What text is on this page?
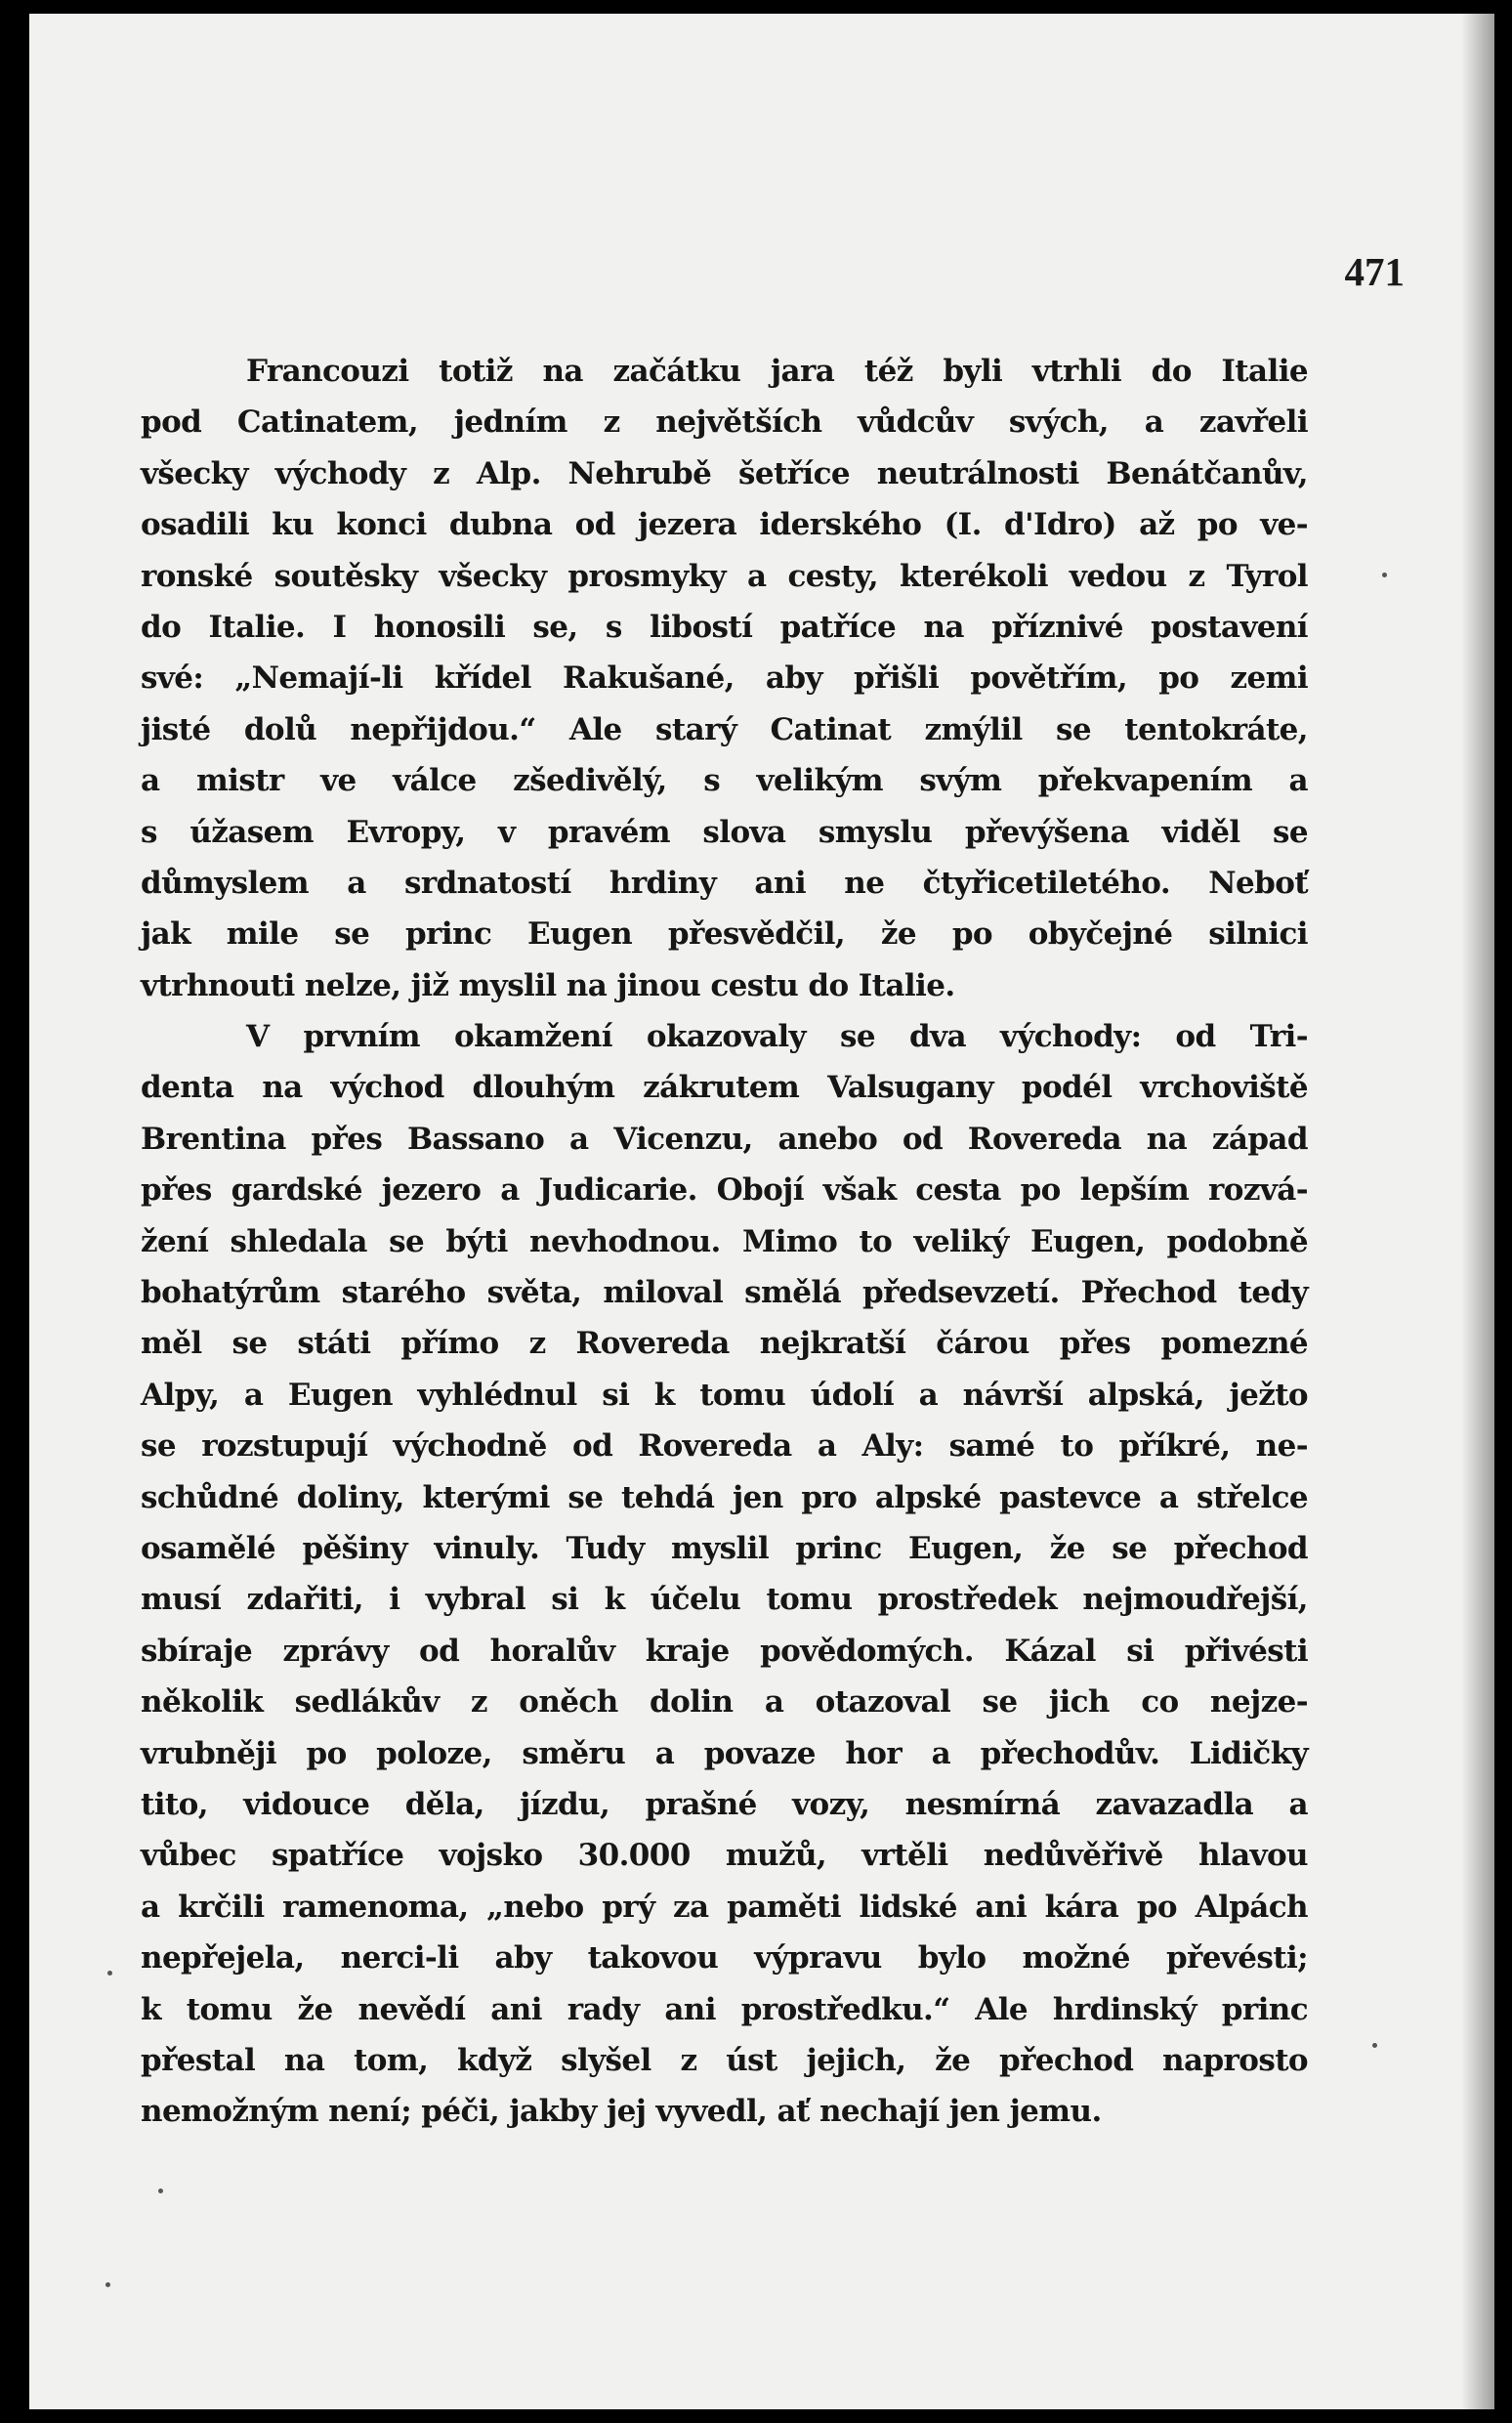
471

Francouzi totiž na začátku jara též byli vtrhli do Italie

pod Catinatem, jedním z největších vůdcův svých, a zavřeli

všecky východy z Alp. Nehrubě šetříce neutrálnosti Benátčanův,

osadili ku konci dubna od jezera iderského (I. d'Idro) až po ve-

ronské soutěsky všecky prosmyky a cesty, kterékoli vedou z Tyrol

do Italie. I honosili se, s libostí patříce na příznivé postavení

své: „Nemají-li křídel Rakušané, aby přišli povětřím, po zemi

jisté dolů nepřijdou.“ Ale starý Catinat zmýlil se tentokráte,

a mistr ve válce zšedivělý, s velikým svým překvapením a

s úžasem Evropy, v pravém slova smyslu převýšena viděl se

důmyslem a srdnatostí hrdiny ani ne čtyřicetiletého. Neboť

jak mile se princ Eugen přesvědčil, že po obyčejné silnici

vtrhnouti nelze, již myslil na jinou cestu do Italie.

V prvním okamžení okazovaly se dva východy: od Tri-

denta na východ dlouhým zákrutem Valsugany podél vrchoviště

Brentina přes Bassano a Vicenzu, anebo od Rovereda na západ

přes gardské jezero a Judicarie. Obojí však cesta po lepším rozvá-

žení shledala se býti nevhodnou. Mimo to veliký Eugen, podobně

bohatýrům starého světa, miloval smělá předsevzetí. Přechod tedy

měl se státi přímo z Rovereda nejkratší čárou přes pomezné

Alpy, a Eugen vyhlédnul si k tomu údolí a návrší alpská, ježto

se rozstupují východně od Rovereda a Aly: samé to příkré, ne-

schůdné doliny, kterými se tehdá jen pro alpské pastevce a střelce

osamělé pěšiny vinuly. Tudy myslil princ Eugen, že se přechod

musí zdařiti, i vybral si k účelu tomu prostředek nejmoudřejší,

sbíraje zprávy od horalův kraje povědomých. Kázal si přivésti

několik sedlákův z oněch dolin a otazoval se jich co nejze-

vrubněji po poloze, směru a povaze hor a přechodův. Lidičky

tito, vidouce děla, jízdu, prašné vozy, nesmírná zavazadla a

vůbec spatříce vojsko 30.000 mužů, vrtěli nedůvěřivě hlavou

a krčili ramenoma, „nebo prý za paměti lidské ani kára po Alpách

nepřejela, nerci-li aby takovou výpravu bylo možné převésti;

k tomu že nevědí ani rady ani prostředku.“ Ale hrdinský princ

přestal na tom, když slyšel z úst jejich, že přechod naprosto

nemožným není; péči, jakby jej vyvedl, ať nechají jen jemu.
